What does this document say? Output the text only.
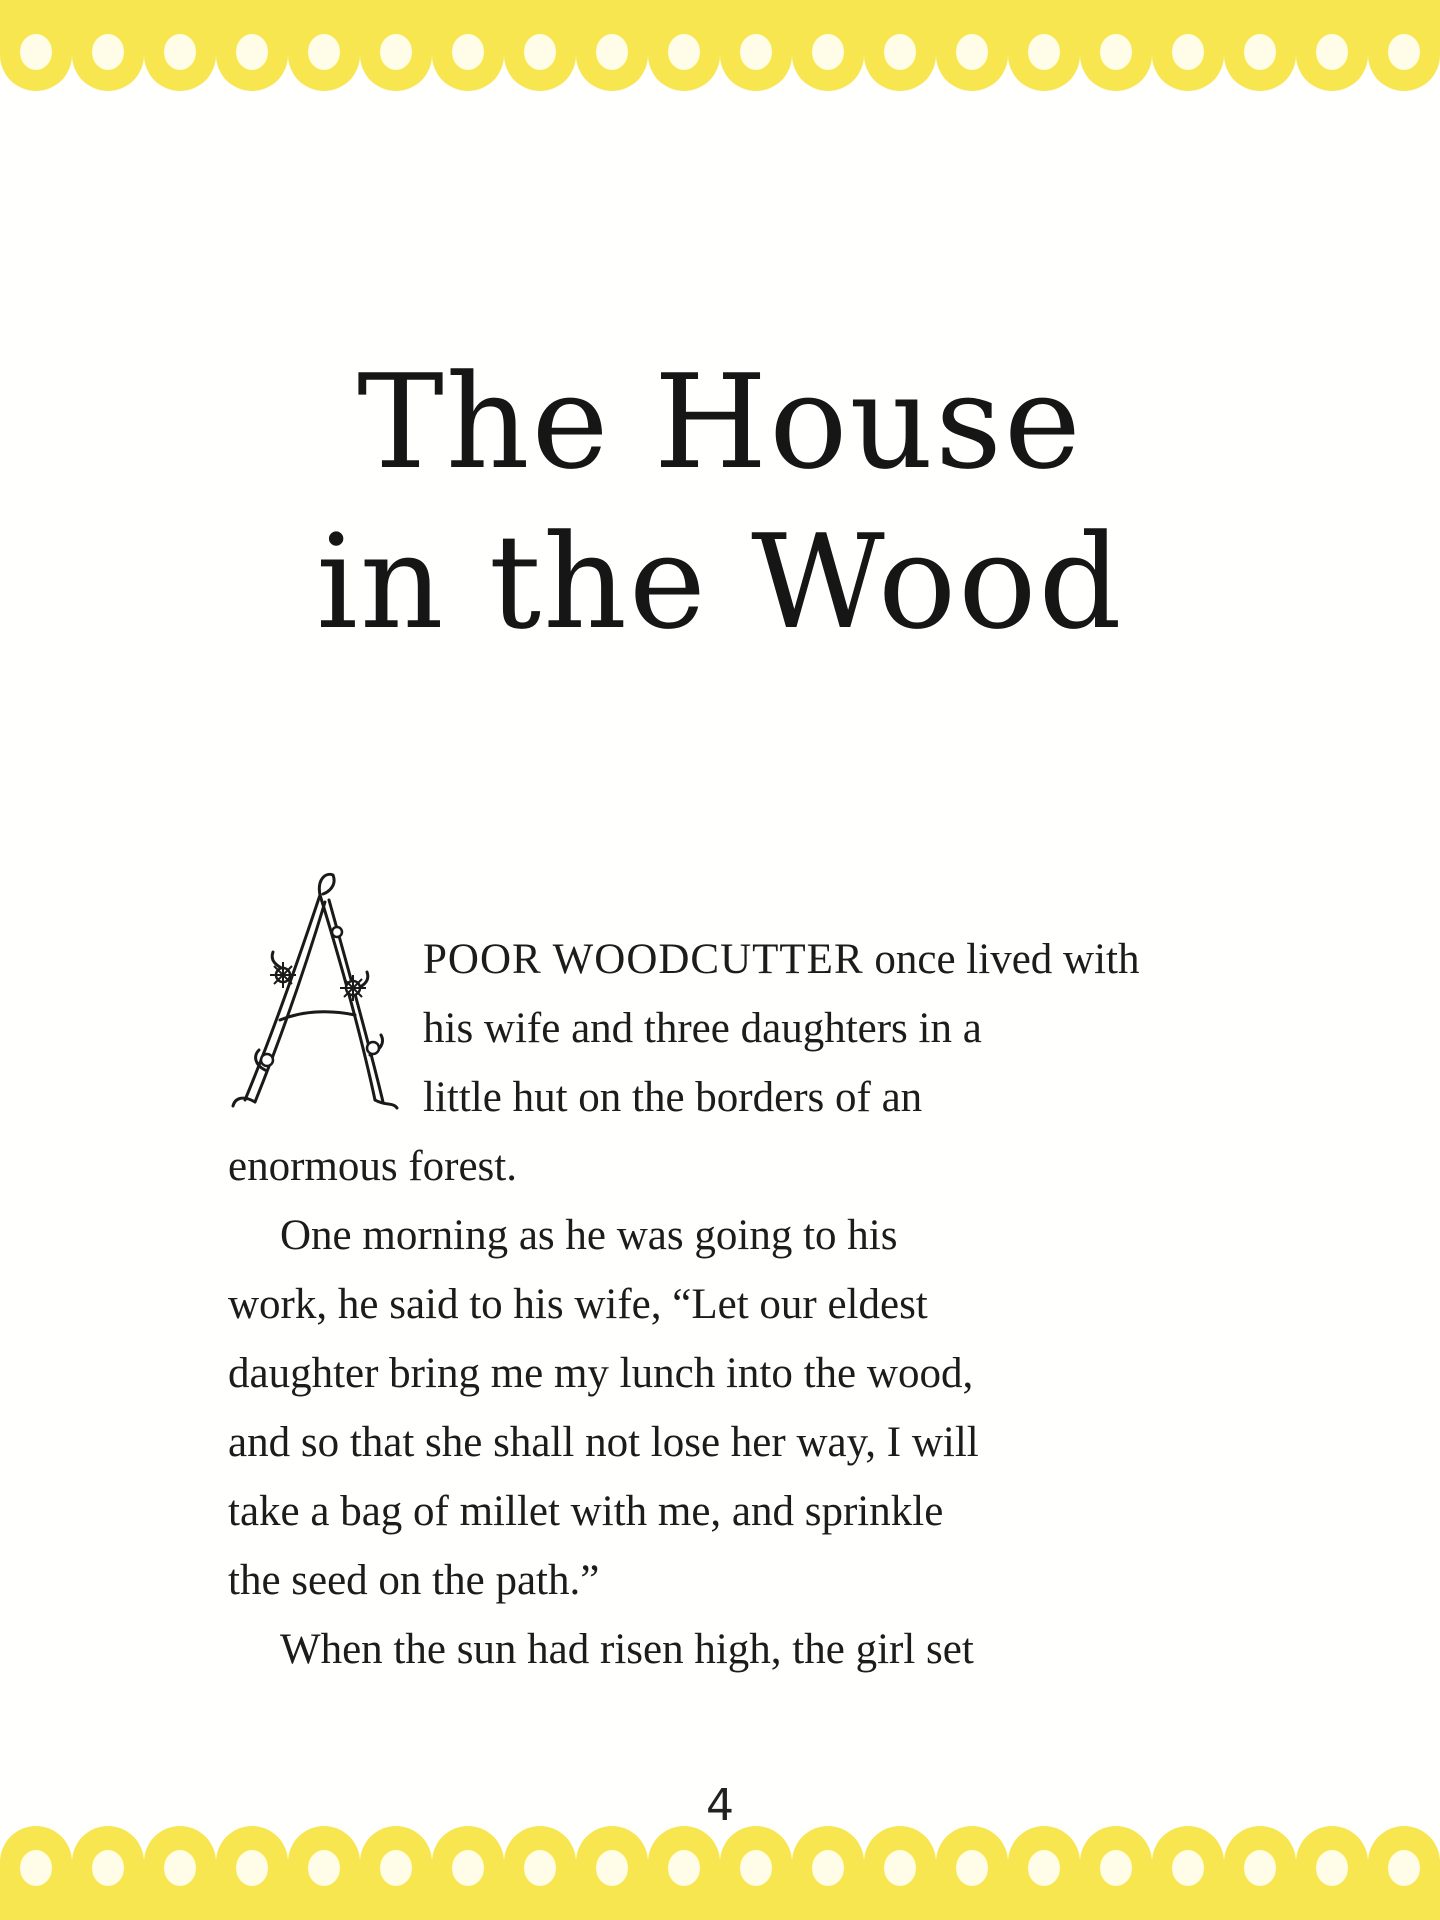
The House
in the Wood
POOR WOODCUTTER once lived with
his wife and three daughters in a
little hut on the borders of an
enormous forest.
One morning as he was going to his
work, he said to his wife, “Let our eldest
daughter bring me my lunch into the wood,
and so that she shall not lose her way, I will
take a bag of millet with me, and sprinkle
the seed on the path.”
When the sun had risen high, the girl set
4
